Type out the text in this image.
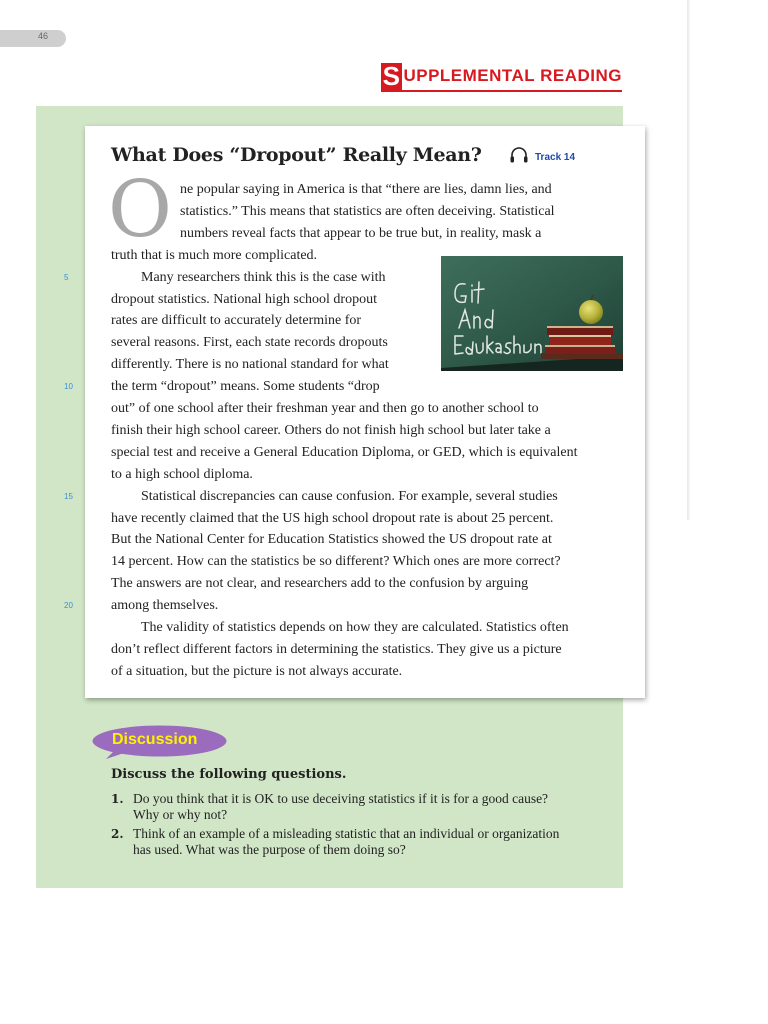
46
S UPPLEMENTAL READING
What Does “Dropout” Really Mean?	Track 14
O ne popular saying in America is that “there are lies, damn lies, and
statistics.” This means that statistics are often deceiving. Statistical
numbers reveal facts that appear to be true but, in reality, mask a
truth that is much more complicated.
Many researchers think this is the case with
dropout statistics. National high school dropout
rates are difficult to accurately determine for
several reasons. First, each state records dropouts
differently. There is no national standard for what
the term “dropout” means. Some students “drop
out” of one school after their freshman year and then go to another school to
finish their high school career. Others do not finish high school but later take a
special test and receive a General Education Diploma, or GED, which is equivalent
to a high school diploma.
Statistical discrepancies can cause confusion. For example, several studies
have recently claimed that the US high school dropout rate is about 25 percent.
But the National Center for Education Statistics showed the US dropout rate at
14 percent. How can the statistics be so different? Which ones are more correct?
The answers are not clear, and researchers add to the confusion by arguing
among themselves.
The validity of statistics depends on how they are calculated. Statistics often
don’t reflect different factors in determining the statistics. They give us a picture
of a situation, but the picture is not always accurate.
5
10
15
20
Discussion
Discuss the following questions.
1. Do you think that it is OK to use deceiving statistics if it is for a good cause?
Why or why not?
2. Think of an example of a misleading statistic that an individual or organization
has used. What was the purpose of them doing so?
